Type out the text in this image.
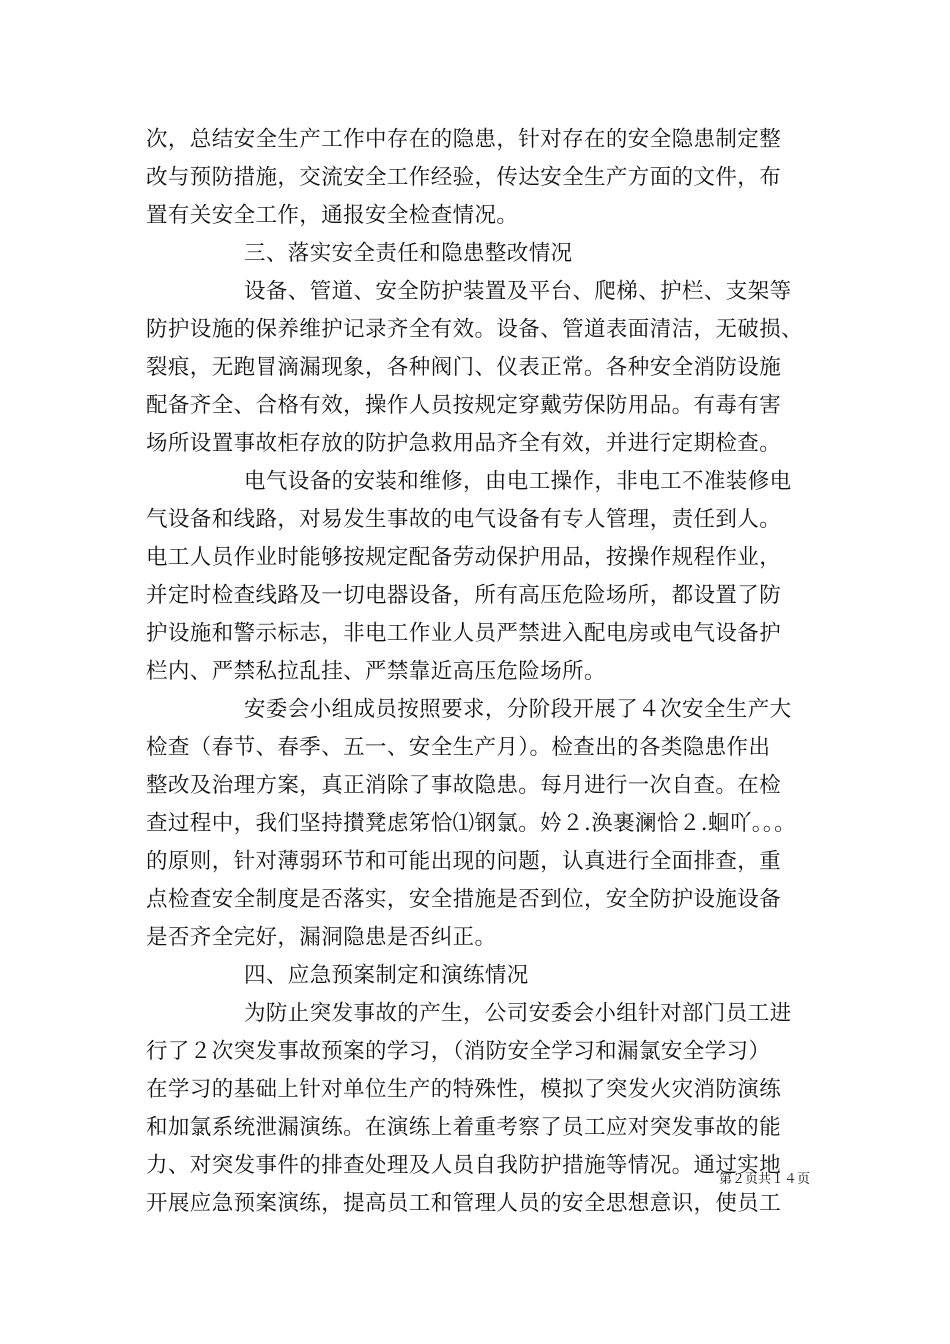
次，总结安全生产工作中存在的隐患，针对存在的安全隐患制定整
改与预防措施，交流安全工作经验，传达安全生产方面的文件，布
置有关安全工作，通报安全检查情况。
三、落实安全责任和隐患整改情况
设备、管道、安全防护装置及平台、爬梯、护栏、支架等
防护设施的保养维护记录齐全有效。设备、管道表面清洁，无破损、
裂痕，无跑冒滴漏现象，各种阀门、仪表正常。各种安全消防设施
配备齐全、合格有效，操作人员按规定穿戴劳保防用品。有毒有害
场所设置事故柜存放的防护急救用品齐全有效，并进行定期检查。
电气设备的安装和维修，由电工操作，非电工不准装修电
气设备和线路，对易发生事故的电气设备有专人管理，责任到人。
电工人员作业时能够按规定配备劳动保护用品，按操作规程作业，
并定时检查线路及一切电器设备，所有高压危险场所，都设置了防
护设施和警示标志，非电工作业人员严禁进入配电房或电气设备护
栏内、严禁私拉乱挂、严禁靠近高压危险场所。
安委会小组成员按照要求，分阶段开展了４次安全生产大
检查（春节、春季、五一、安全生产月）。检查出的各类隐患作出
整改及治理方案，真正消除了事故隐患。每月进行一次自查。在检
查过程中，我们坚持攅凳虑笫恰⑴钢氯。妗２.涣裹澜恰２.蛔吖。。。
的原则，针对薄弱环节和可能出现的问题，认真进行全面排查，重
点检查安全制度是否落实，安全措施是否到位，安全防护设施设备
是否齐全完好，漏洞隐患是否纠正。
四、应急预案制定和演练情况
为防止突发事故的产生，公司安委会小组针对部门员工进
行了２次突发事故预案的学习，（消防安全学习和漏氯安全学习）
在学习的基础上针对单位生产的特殊性，模拟了突发火灾消防演练
和加氯系统泄漏演练。在演练上着重考察了员工应对突发事故的能
力、对突发事件的排查处理及人员自我防护措施等情况。通过实地
开展应急预案演练，提高员工和管理人员的安全思想意识，使员工
第２页共１４页
